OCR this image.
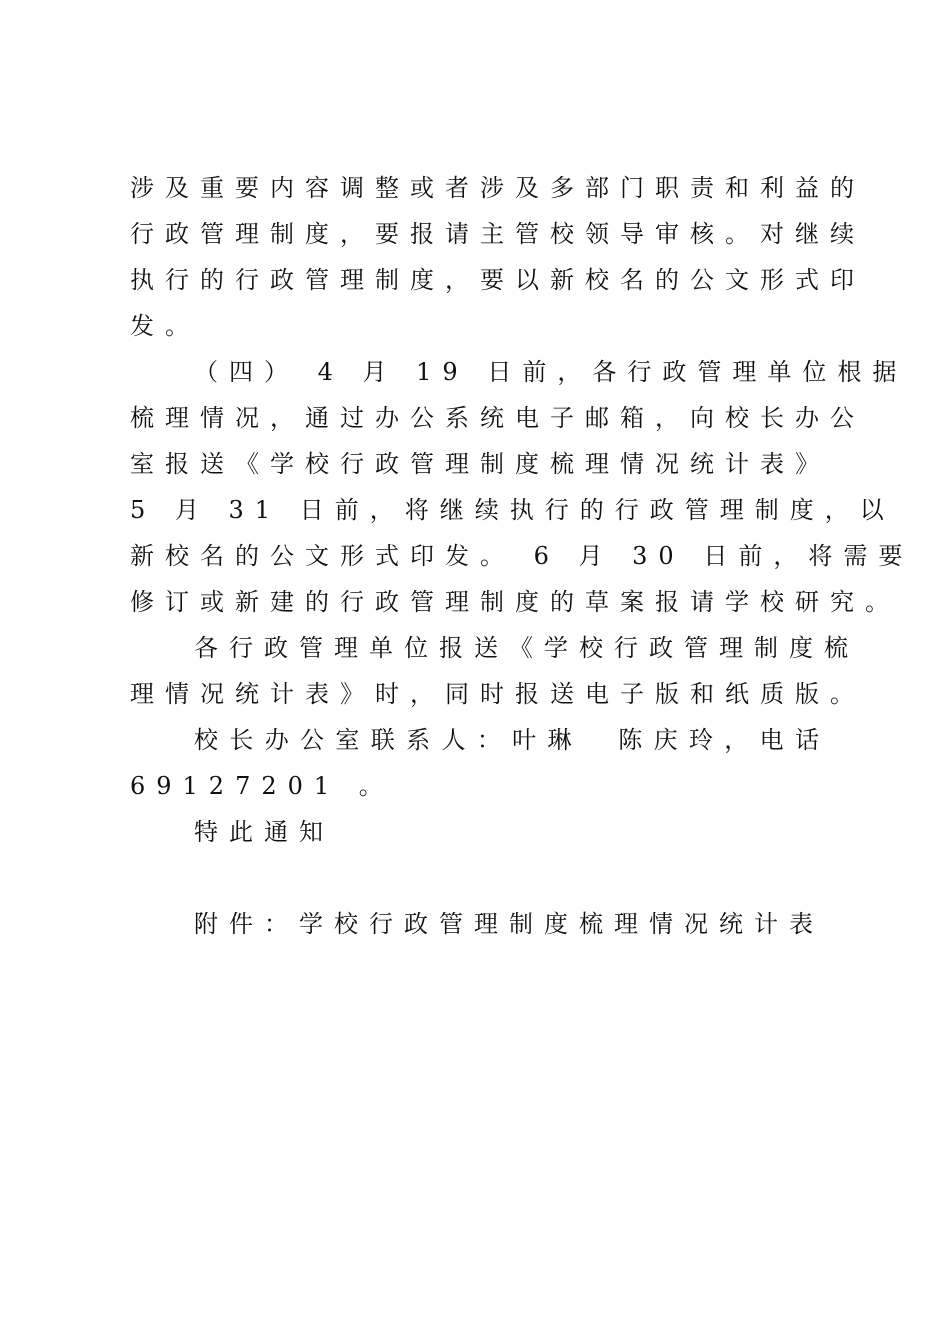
涉及重要内容调整或者涉及多部门职责和利益的
行政管理制度，要报请主管校领导审核。对继续
执行的行政管理制度，要以新校名的公文形式印
发。
（四） 4 月 19 日前，各行政管理单位根据
梳理情况，通过办公系统电子邮箱，向校长办公
室报送《学校行政管理制度梳理情况统计表》
5 月 31 日前，将继续执行的行政管理制度，以
新校名的公文形式印发。 6 月 30 日前，将需要
修订或新建的行政管理制度的草案报请学校研究。
各行政管理单位报送《学校行政管理制度梳
理情况统计表》时，同时报送电子版和纸质版。
校长办公室联系人：叶琳　陈庆玲，电话
69127201 。
特此通知
附件：学校行政管理制度梳理情况统计表
